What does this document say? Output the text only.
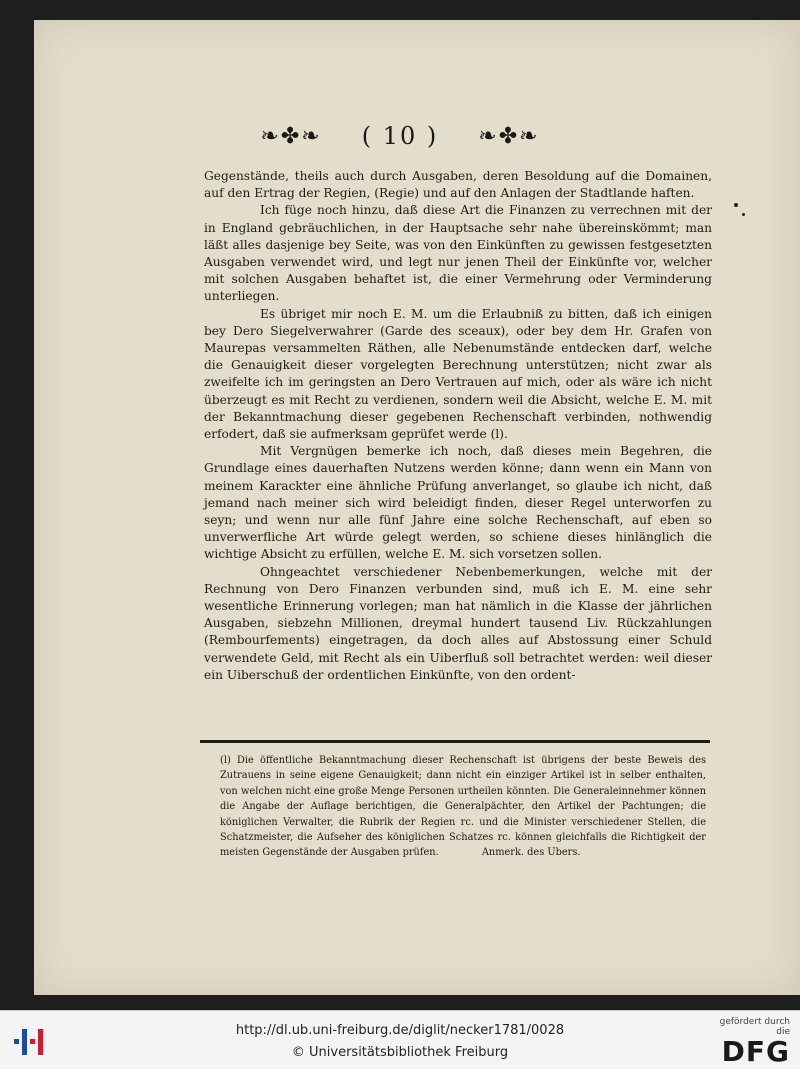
❧✤❧ ( 10 ) ❧✤❧

Gegenstände, theils auch durch Ausgaben, deren Besoldung auf die Domainen, auf den Ertrag der Regien, (Regie) und auf den Anlagen der Stadtlande haften.

Ich füge noch hinzu, daß diese Art die Finanzen zu verrechnen mit der in England gebräuchlichen, in der Hauptsache sehr nahe übereinskömmt; man läßt alles dasjenige bey Seite, was von den Einkünften zu gewissen festgesetzten Ausgaben verwendet wird, und legt nur jenen Theil der Einkünfte vor, welcher mit solchen Ausgaben behaftet ist, die einer Vermehrung oder Verminderung unterliegen.

Es übriget mir noch E. M. um die Erlaubniß zu bitten, daß ich einigen bey Dero Siegelverwahrer (Garde des sceaux), oder bey dem Hr. Grafen von Maurepas versammelten Räthen, alle Nebenumstände entdecken darf, welche die Genauigkeit dieser vorgelegten Berechnung unterstützen; nicht zwar als zweifelte ich im geringsten an Dero Vertrauen auf mich, oder als wäre ich nicht überzeugt es mit Recht zu verdienen, sondern weil die Absicht, welche E. M. mit der Bekanntmachung dieser gegebenen Rechenschaft verbinden, nothwendig erfodert, daß sie aufmerksam geprüfet werde (l).

Mit Vergnügen bemerke ich noch, daß dieses mein Begehren, die Grundlage eines dauerhaften Nutzens werden könne; dann wenn ein Mann von meinem Karackter eine ähnliche Prüfung anverlanget, so glaube ich nicht, daß jemand nach meiner sich wird beleidigt finden, dieser Regel unterworfen zu seyn; und wenn nur alle fünf Jahre eine solche Rechenschaft, auf eben so unverwerfliche Art würde gelegt werden, so schiene dieses hinlänglich die wichtige Absicht zu erfüllen, welche E. M. sich vorsetzen sollen.

Ohngeachtet verschiedener Nebenbemerkungen, welche mit der Rechnung von Dero Finanzen verbunden sind, muß ich E. M. eine sehr wesentliche Erinnerung vorlegen; man hat nämlich in die Klasse der jährlichen Ausgaben, siebzehn Millionen, dreymal hundert tausend Liv. Rückzahlungen (Rembourfements) eingetragen, da doch alles auf Abstossung einer Schuld verwendete Geld, mit Recht als ein Uiberfluß soll betrachtet werden: weil dieser ein Uiberschuß der ordentlichen Einkünfte, von den ordent-

(l) Die öffentliche Bekanntmachung dieser Rechenschaft ist übrigens der beste Beweis des Zutrauens in seine eigene Genauigkeit; dann nicht ein einziger Artikel ist in selber enthalten, von welchen nicht eine große Menge Personen urtheilen könnten. Die Generaleinnehmer können die Angabe der Auflage berichtigen, die Generalpächter, den Artikel der Pachtungen; die königlichen Verwalter, die Rubrik der Regien rc. und die Minister verschiedener Stellen, die Schatzmeister, die Aufseher des königlichen Schatzes rc. können gleichfalls die Richtigkeit der meisten Gegenstände der Ausgaben prüfen.	Anmerk. des Ubers.
http://dl.ub.uni-freiburg.de/diglit/necker1781/0028
© Universitätsbibliothek Freiburg
gefördert durch die
DFG
